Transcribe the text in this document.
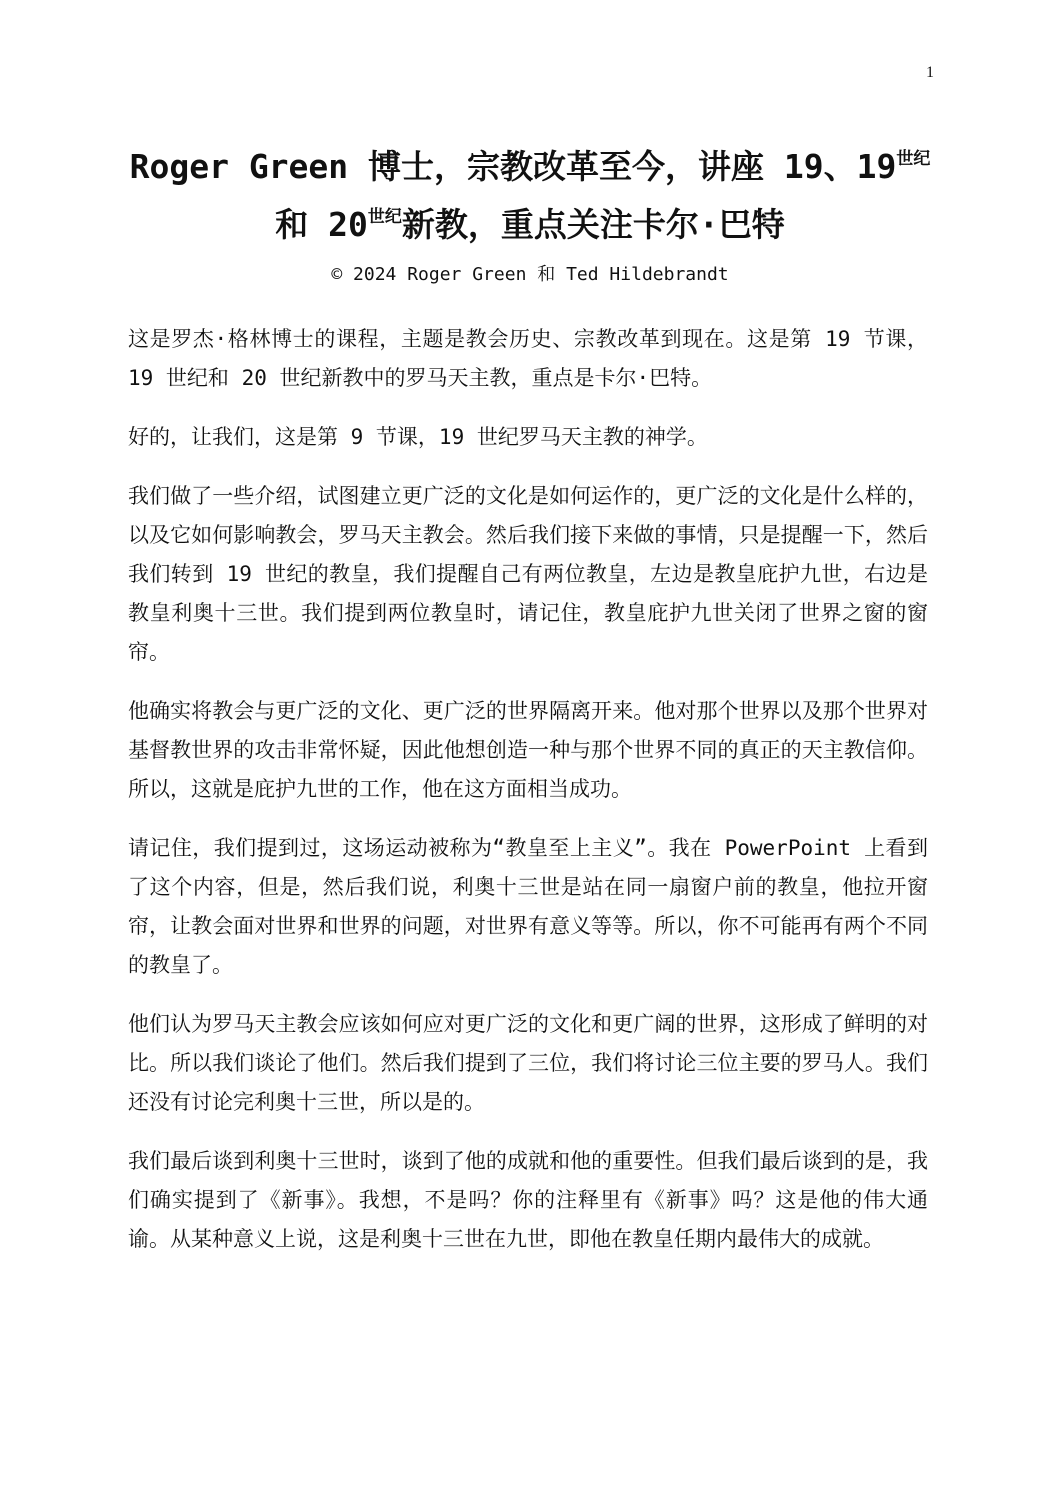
1
Roger Green 博士，宗教改革至今，讲座 19、$19^{世纪}$和 $20^{世纪}$新教，重点关注卡尔·巴特
© 2024 Roger Green 和 Ted Hildebrandt

这是罗杰·格林博士的课程，主题是教会历史、宗教改革到现在。这是第 19 节课，19 世纪和 20 世纪新教中的罗马天主教，重点是卡尔·巴特。

好的，让我们，这是第 9 节课，19 世纪罗马天主教的神学。

我们做了一些介绍，试图建立更广泛的文化是如何运作的，更广泛的文化是什么样的，以及它如何影响教会，罗马天主教会。然后我们接下来做的事情，只是提醒一下，然后我们转到 19 世纪的教皇，我们提醒自己有两位教皇，左边是教皇庇护九世，右边是教皇利奥十三世。我们提到两位教皇时，请记住，教皇庇护九世关闭了世界之窗的窗帘。

他确实将教会与更广泛的文化、更广泛的世界隔离开来。他对那个世界以及那个世界对基督教世界的攻击非常怀疑，因此他想创造一种与那个世界不同的真正的天主教信仰。所以，这就是庇护九世的工作，他在这方面相当成功。

请记住，我们提到过，这场运动被称为“教皇至上主义”。我在 PowerPoint 上看到了这个内容，但是，然后我们说，利奥十三世是站在同一扇窗户前的教皇，他拉开窗帘，让教会面对世界和世界的问题，对世界有意义等等。所以，你不可能再有两个不同的教皇了。

他们认为罗马天主教会应该如何应对更广泛的文化和更广阔的世界，这形成了鲜明的对比。所以我们谈论了他们。然后我们提到了三位，我们将讨论三位主要的罗马人。我们还没有讨论完利奥十三世，所以是的。

我们最后谈到利奥十三世时，谈到了他的成就和他的重要性。但我们最后谈到的是，我们确实提到了《新事》。我想，不是吗？你的注释里有《新事》吗？这是他的伟大通谕。从某种意义上说，这是利奥十三世在九世，即他在教皇任期内最伟大的成就。
